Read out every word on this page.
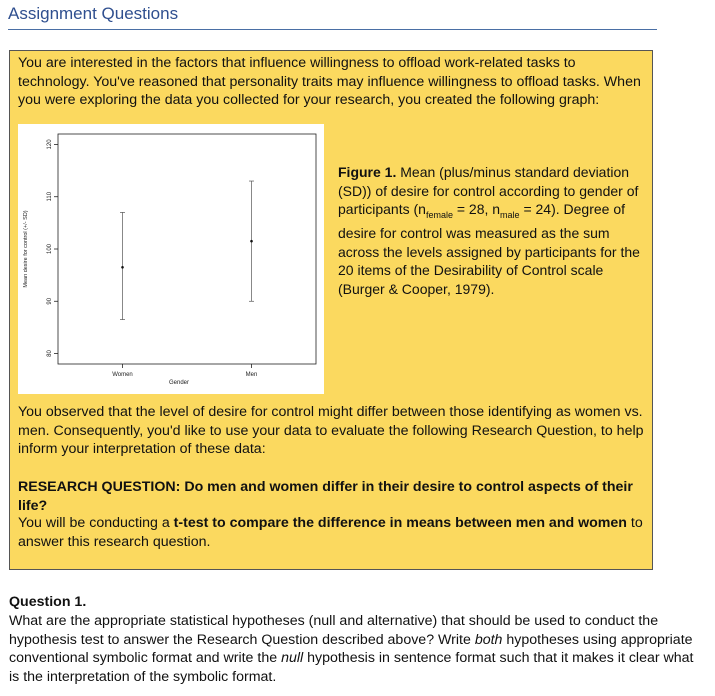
Assignment Questions
You are interested in the factors that influence willingness to offload work-related tasks to technology. You've reasoned that personality traits may influence willingness to offload tasks. When you were exploring the data you collected for your research, you created the following graph:
Mean desire for control (+/- SD)
Gender
80
90
100
110
120
Women	Men
Figure 1. Mean (plus/minus standard deviation (SD)) of desire for control according to gender of participants ($n_{female} = 28$, $n_{male} = 24$). Degree of desire for control was measured as the sum across the levels assigned by participants for the 20 items of the Desirability of Control scale (Burger & Cooper, 1979).
You observed that the level of desire for control might differ between those identifying as women vs. men. Consequently, you'd like to use your data to evaluate the following Research Question, to help inform your interpretation of these data:
RESEARCH QUESTION: Do men and women differ in their desire to control aspects of their life?
You will be conducting a t-test to compare the difference in means between men and women to answer this research question.
Question 1.
What are the appropriate statistical hypotheses (null and alternative) that should be used to conduct the hypothesis test to answer the Research Question described above? Write both hypotheses using appropriate conventional symbolic format and write the null hypothesis in sentence format such that it makes it clear what is the interpretation of the symbolic format.
